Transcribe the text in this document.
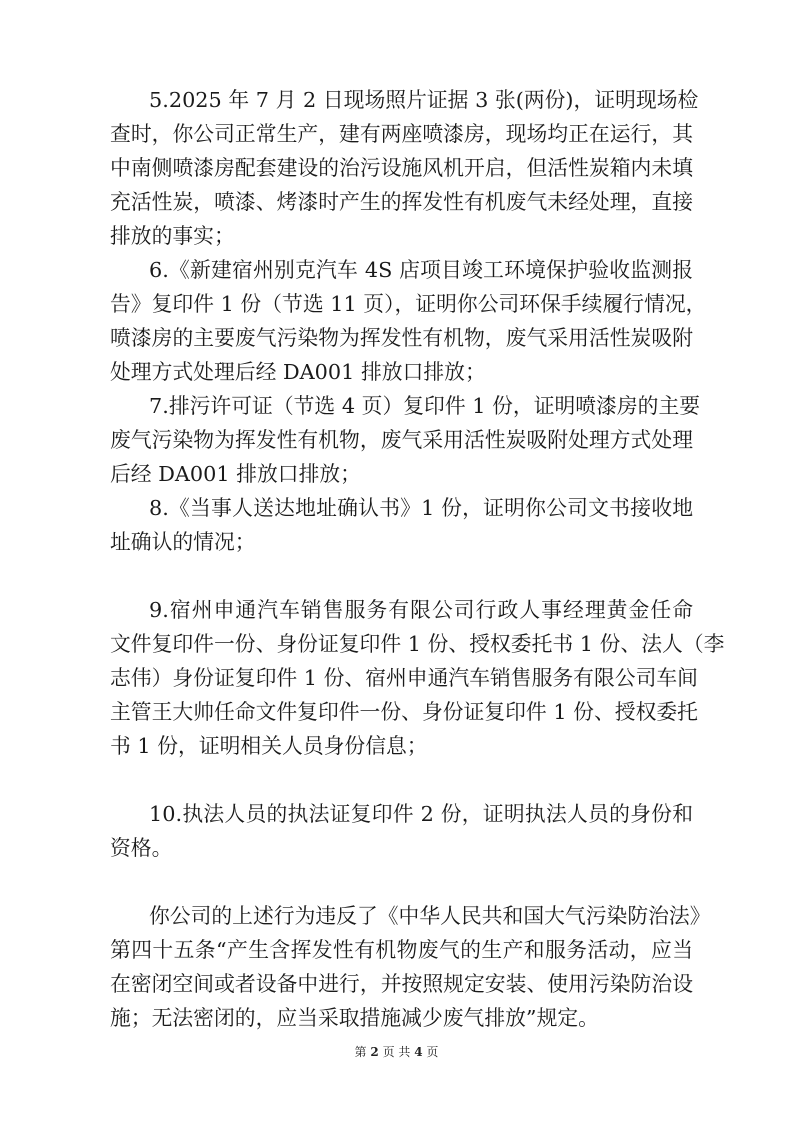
5.2025 年 7 月 2 日现场照片证据 3 张(两份)，证明现场检
查时，你公司正常生产，建有两座喷漆房，现场均正在运行，其
中南侧喷漆房配套建设的治污设施风机开启，但活性炭箱内未填
充活性炭，喷漆、烤漆时产生的挥发性有机废气未经处理，直接
排放的事实；
6.《新建宿州别克汽车 4S 店项目竣工环境保护验收监测报
告》复印件 1 份（节选 11 页），证明你公司环保手续履行情况，
喷漆房的主要废气污染物为挥发性有机物，废气采用活性炭吸附
处理方式处理后经 DA001 排放口排放；
7.排污许可证（节选 4 页）复印件 1 份，证明喷漆房的主要
废气污染物为挥发性有机物，废气采用活性炭吸附处理方式处理
后经 DA001 排放口排放；
8.《当事人送达地址确认书》1 份，证明你公司文书接收地
址确认的情况；
9.宿州申通汽车销售服务有限公司行政人事经理黄金任命
文件复印件一份、身份证复印件 1 份、授权委托书 1 份、法人（李
志伟）身份证复印件 1 份、宿州申通汽车销售服务有限公司车间
主管王大帅任命文件复印件一份、身份证复印件 1 份、授权委托
书 1 份，证明相关人员身份信息；
10.执法人员的执法证复印件 2 份，证明执法人员的身份和
资格。
你公司的上述行为违反了《中华人民共和国大气污染防治法》
第四十五条“产生含挥发性有机物废气的生产和服务活动，应当
在密闭空间或者设备中进行，并按照规定安装、使用污染防治设
施；无法密闭的，应当采取措施减少废气排放”规定。
第 2 页 共 4 页
